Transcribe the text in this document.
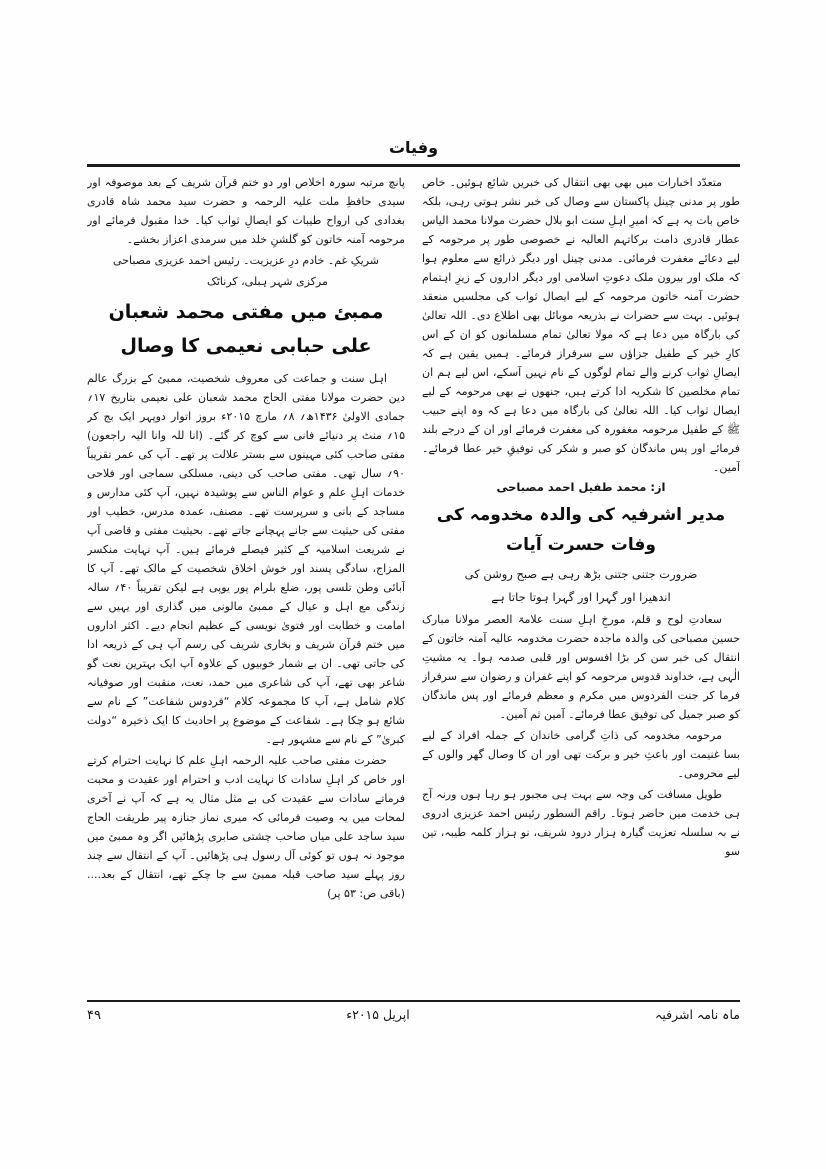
وفیات

متعدّد اخبارات میں بھی بھی انتقال کی خبریں شائع ہوئیں۔ خاص طور پر مدنی چینل پاکستان سے وصال کی خبر نشر ہوتی رہی، بلکہ خاص بات یہ ہے کہ امیرِ اہلِ سنت ابو بلال حضرت مولانا محمد الیاس عطار قادری دامت برکاتہم العالیہ نے خصوصی طور پر مرحومہ کے لیے دعائے مغفرت فرمائی۔ مدنی چینل اور دیگر ذرائع سے معلوم ہوا کہ ملک اور بیرون ملک دعوتِ اسلامی اور دیگر اداروں کے زیرِ اہتمام حضرت آمنہ خاتون مرحومہ کے لیے ایصال ثواب کی مجلسیں منعقد ہوئیں۔ بہت سے حضرات نے بذریعہ موبائل بھی اطلاع دی۔ اللہ تعالیٰ کی بارگاہ میں دعا ہے کہ مولا تعالیٰ تمام مسلمانوں کو ان کے اس کارِ خیر کے طفیل جزاؤں سے سرفراز فرمائے۔ ہمیں یقین ہے کہ ایصالِ ثواب کرنے والے تمام لوگوں کے نام نہیں آسکے، اس لیے ہم ان تمام مخلصین کا شکریہ ادا کرتے ہیں، جنھوں نے بھی مرحومہ کے لیے ایصال ثواب کیا۔ اللہ تعالیٰ کی بارگاہ میں دعا ہے کہ وہ اپنے حبیب ﷺ کے طفیل مرحومہ مغفورہ کی مغفرت فرمائے اور ان کے درجے بلند فرمائے اور پس ماندگان کو صبر و شکر کی توفیقِ خیر عطا فرمائے۔ آمین۔

از: محمد طفیل احمد مصباحی

مدیر اشرفیہ کی والدہ مخدومہ کی وفات حسرت آیات

ضرورت جتنی جتنی بڑھ رہی ہے صبح روشن کی

اندھیرا اور گہرا اور گہرا ہوتا جاتا ہے

سعادتِ لوح و قلم، مورخِ اہلِ سنت علامۃ العصر مولانا مبارک حسین مصباحی کی والدہ ماجدہ حضرت مخدومہ عالیہ آمنہ خاتون کے انتقال کی خبر سن کر بڑا افسوس اور قلبی صدمہ ہوا۔ یہ مشیتِ الٰہی ہے، خداوند قدوس مرحومہ کو اپنے غفران و رضوان سے سرفراز فرما کر جنت الفردوس میں مکرم و معظم فرمائے اور پس ماندگان کو صبر جمیل کی توفیق عطا فرمائے۔ آمین ثم آمین۔

مرحومہ مخدومہ کی ذاتِ گرامی خاندان کے جملہ افراد کے لیے بسا غنیمت اور باعثِ خیر و برکت تھی اور ان کا وصال گھر والوں کے لیے محرومی۔

طویل مسافت کی وجہ سے بہت ہی مجبور ہو رہا ہوں ورنہ آج ہی خدمت میں حاضر ہوتا۔ راقم السطور رئیس احمد عزیزی ادروی نے بہ سلسلہ تعزیت گیارہ ہزار درود شریف، نو ہزار کلمہ طیبہ، تین سو

پانچ مرتبہ سورہ اخلاص اور دو ختم قرآن شریف کے بعد موصوفہ اور سیدی حافظِ ملت علیہ الرحمہ و حضرت سید محمد شاہ قادری بغدادی کی ارواح طیبات کو ایصالِ ثواب کیا۔ خدا مقبول فرمائے اور مرحومہ آمنہ خاتون کو گلشنِ خلد میں سرمدی اعزاز بخشے۔

شریکِ غم۔ خادم درِ عزیزیت۔ رئیس احمد عزیزی مصباحی

مرکزی شہر ہبلی، کرناٹک

ممبئ میں مفتی محمد شعبان علی حبابی نعیمی کا وصال

اہل سنت و جماعت کی معروف شخصیت، ممبئ کے بزرگ عالم دین حضرت مولانا مفتی الحاج محمد شعبان علی نعیمی بتاریخ ۱۷؍ جمادی الاولیٰ ۱۴۳۶ھ؍ ۸؍ مارچ ۲۰۱۵ء بروز اتوار دوپہر ایک بج کر ۱۵؍ منٹ پر دنیائے فانی سے کوچ کر گئے۔ (انا للہ وانا الیہ راجعون) مفتی صاحب کئی مہینوں سے بستر علالت پر تھے۔ آپ کی عمر تقریباً ۹۰؍ سال تھی۔ مفتی صاحب کی دینی، مسلکی سماجی اور فلاحی خدمات اہلِ علم و عوام الناس سے پوشیدہ نہیں، آپ کئی مدارس و مساجد کے بانی و سرپرست تھے۔ مصنف، عمدہ مدرس، خطیب اور مفتی کی حیثیت سے جانے پہچانے جاتے تھے۔ بحیثیت مفتی و قاضی آپ نے شریعت اسلامیہ کے کثیر فیصلے فرمائے ہیں۔ آپ نہایت منکسر المزاج، سادگی پسند اور خوش اخلاق شخصیت کے مالک تھے۔ آپ کا آبائی وطن تلسی پور، ضلع بلرام پور یوپی ہے لیکن تقریباً ۴۰؍ سالہ زندگی مع اہل و عیال کے ممبئ مالونی میں گذاری اور یہیں سے امامت و خطابت اور فتویٰ نویسی کے عظیم انجام دیے۔ اکثر اداروں میں ختم قرآن شریف و بخاری شریف کی رسم آپ ہی کے ذریعہ ادا کی جاتی تھی۔ ان بے شمار خوبیوں کے علاوہ آپ ایک بہترین نعت گو شاعر بھی تھے، آپ کی شاعری میں حمد، نعت، منقبت اور صوفیانہ کلام شامل ہے، آپ کا مجموعہ کلام “فردوس شفاعت” کے نام سے شائع ہو چکا ہے۔ شفاعت کے موضوع پر احادیث کا ایک ذخیرہ “دولت کبریٰ” کے نام سے مشہور ہے۔

حضرت مفتی صاحب علیہ الرحمہ اہلِ علم کا نہایت احترام کرتے اور خاص کر اہلِ سادات کا نہایت ادب و احترام اور عقیدت و محبت فرماتے سادات سے عقیدت کی بے مثل مثال یہ ہے کہ آپ نے آخری لمحات میں یہ وصیت فرمائی کہ میری نماز جنازہ پیر طریقت الحاج سید ساجد علی میاں صاحب چشتی صابری پڑھائیں اگر وہ ممبئ میں موجود نہ ہوں تو کوئی آل رسول ہی پڑھائیں۔ آپ کے انتقال سے چند روز پہلے سید صاحب قبلہ ممبئ سے جا چکے تھے، انتقال کے بعد....(باقی ص: ۵۳ پر)

ماہ نامہ اشرفیہ
اپریل ۲۰۱۵ء
۴۹
